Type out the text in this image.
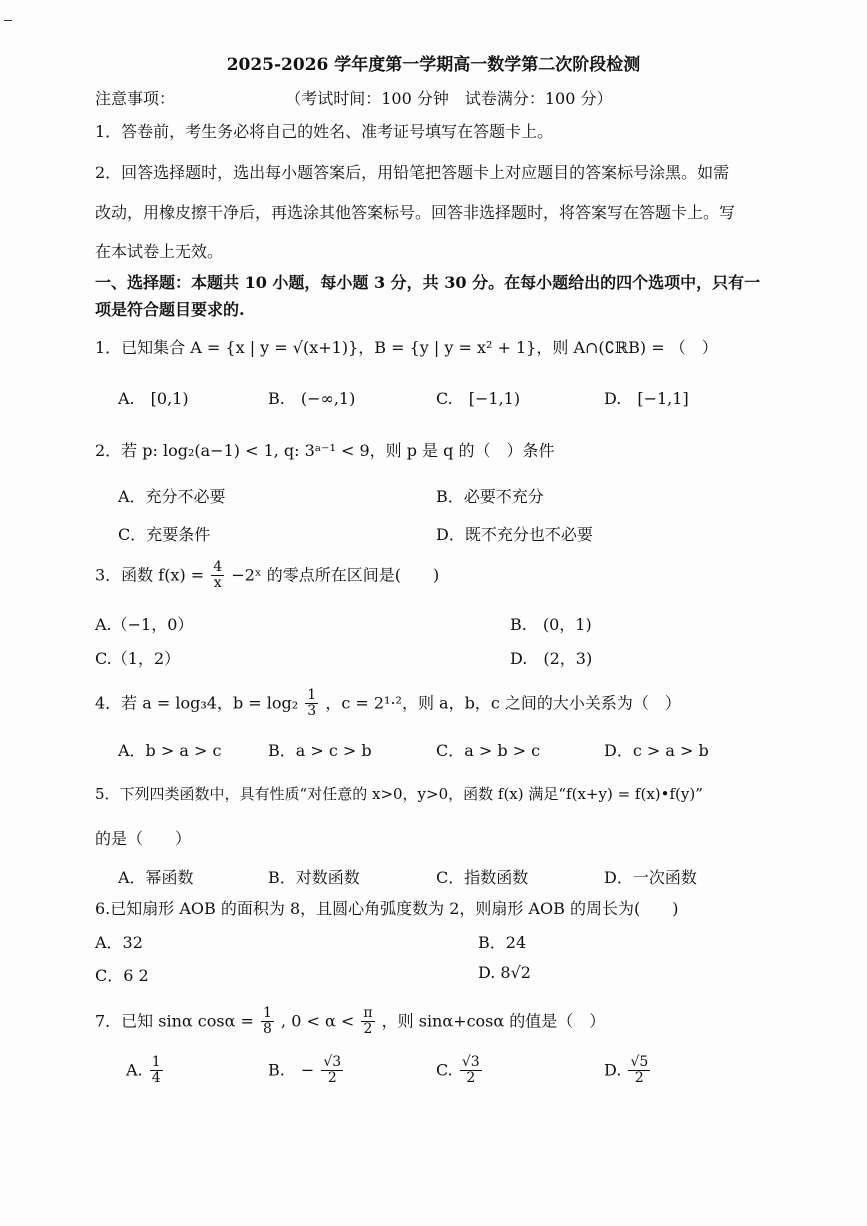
2025-2026 学年度第一学期高一数学第二次阶段检测
注意事项：	（考试时间：100 分钟　试卷满分：100 分）
1．答卷前，考生务必将自己的姓名、准考证号填写在答题卡上。
2．回答选择题时，选出每小题答案后，用铅笔把答题卡上对应题目的答案标号涂黑。如需
改动，用橡皮擦干净后，再选涂其他答案标号。回答非选择题时，将答案写在答题卡上。写
在本试卷上无效。
一、选择题：本题共 10 小题，每小题 3 分，共 30 分。在每小题给出的四个选项中，只有一
项是符合题目要求的.
1．已知集合 A = {x | y = √(x+1)}，B = {y | y = x² + 1}，则 A∩(∁ℝB) = （　）
A.　[0,1)	B.　(−∞,1)	C.　[−1,1)	D.　[−1,1]
2．若 p: log₂(a−1) < 1, q: 3ᵃ⁻¹ < 9，则 p 是 q 的（　）条件
A．充分不必要	B．必要不充分
C．充要条件	D．既不充分也不必要
3．函数 $f(x) = \frac{4}{x}$ −2ˣ 的零点所在区间是(　　)
A.（−1，0）	B.　(0，1)
C.（1，2）	D.　(2，3)
4．若 a = log₃4，$b = \log_2 \frac{1}{3}$ ，c = 2¹·²，则 a，b，c 之间的大小关系为（　）
A．b > a > c	B．a > c > b	C．a > b > c	D．c > a > b
5．下列四类函数中，具有性质“对任意的 x>0，y>0，函数 f(x) 满足“f(x+y) = f(x)•f(y)”
的是（　　）
A．幂函数	B．对数函数	C．指数函数	D．一次函数
6.已知扇形 AOB 的面积为 8，且圆心角弧度数为 2，则扇形 AOB 的周长为(　　)
A．32	B．24
C．6 2	D. 8√2
7．已知 sinα $\cos\alpha = \frac{1}{8}$ , $0 < \alpha < \frac{\pi}{2}$ ，则 sinα+cosα 的值是（　）
A. $\frac{1}{4}$	B.　− $\frac{√3}{2}$	C. $\frac{√3}{2}$	D. $\frac{√5}{2}$
